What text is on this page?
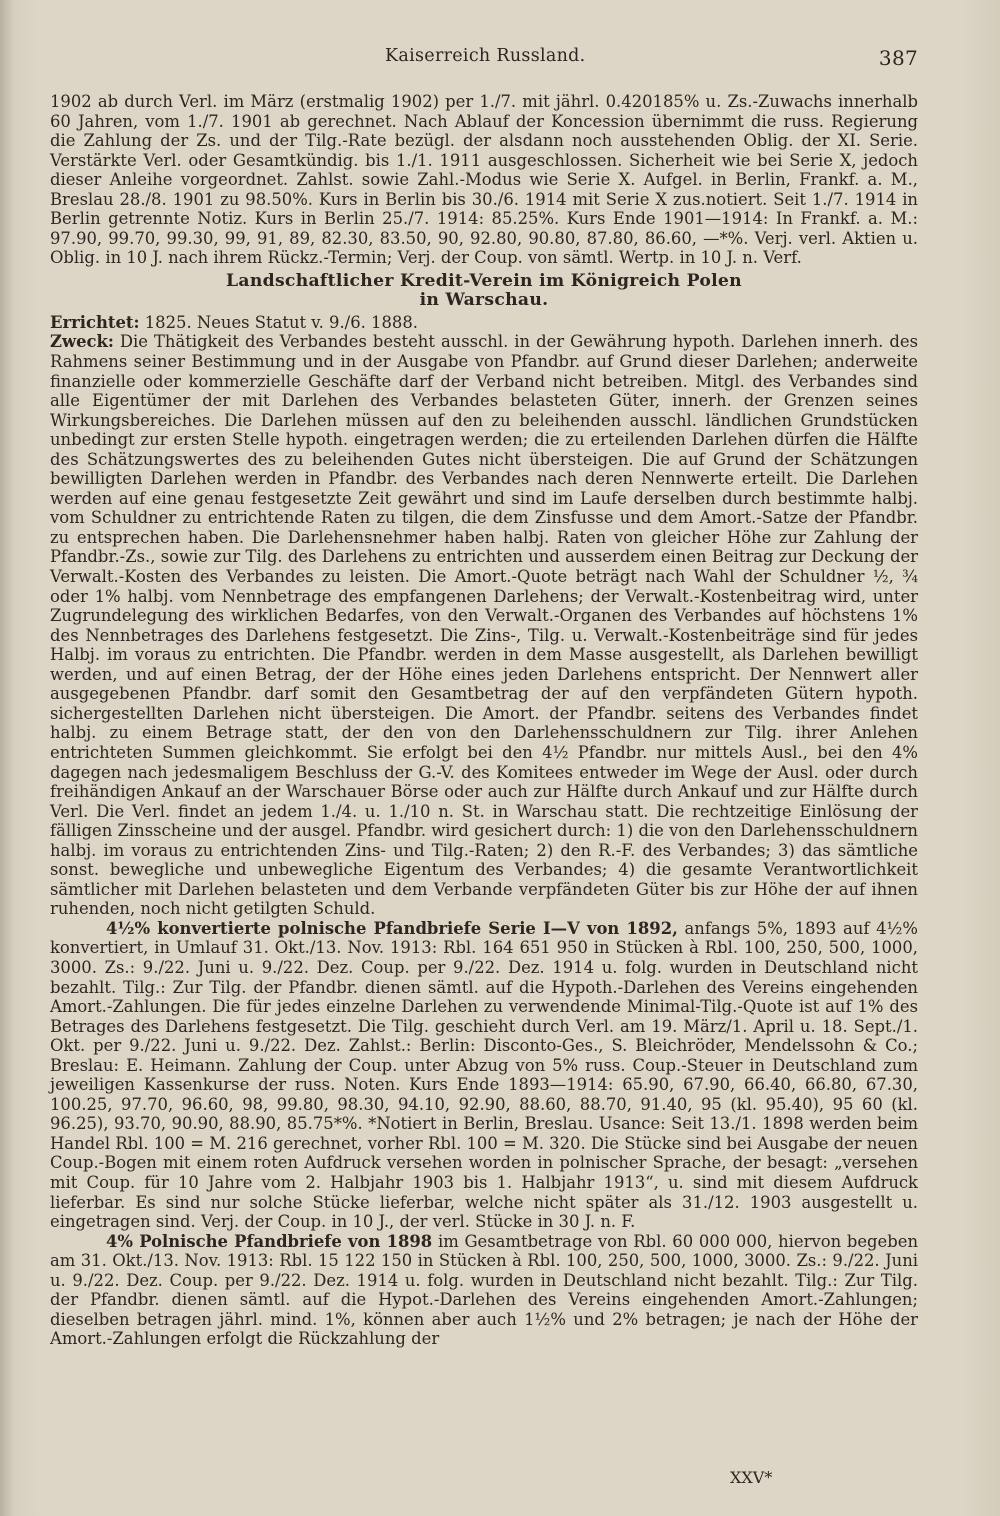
Kaiserreich Russland.	387

1902 ab durch Verl. im März (erstmalig 1902) per 1./7. mit jährl. 0.420185% u. Zs.-Zuwachs innerhalb 60 Jahren, vom 1./7. 1901 ab gerechnet. Nach Ablauf der Koncession übernimmt die russ. Regierung die Zahlung der Zs. und der Tilg.-Rate bezügl. der alsdann noch ausstehenden Oblig. der XI. Serie. Verstärkte Verl. oder Gesamtkündig. bis 1./1. 1911 ausgeschlossen. Sicherheit wie bei Serie X, jedoch dieser Anleihe vorgeordnet. Zahlst. sowie Zahl.-Modus wie Serie X. Aufgel. in Berlin, Frankf. a. M., Breslau 28./8. 1901 zu 98.50%. Kurs in Berlin bis 30./6. 1914 mit Serie X zus.notiert. Seit 1./7. 1914 in Berlin getrennte Notiz. Kurs in Berlin 25./7. 1914: 85.25%. Kurs Ende 1901—1914: In Frankf. a. M.: 97.90, 99.70, 99.30, 99, 91, 89, 82.30, 83.50, 90, 92.80, 90.80, 87.80, 86.60, —*%. Verj. verl. Aktien u. Oblig. in 10 J. nach ihrem Rückz.-Termin; Verj. der Coup. von sämtl. Wertp. in 10 J. n. Verf.

Landschaftlicher Kredit-Verein im Königreich Polen
in Warschau.

Errichtet: 1825. Neues Statut v. 9./6. 1888.

Zweck: Die Thätigkeit des Verbandes besteht ausschl. in der Gewährung hypoth. Darlehen innerh. des Rahmens seiner Bestimmung und in der Ausgabe von Pfandbr. auf Grund dieser Darlehen; anderweite finanzielle oder kommerzielle Geschäfte darf der Verband nicht betreiben. Mitgl. des Verbandes sind alle Eigentümer der mit Darlehen des Verbandes belasteten Güter, innerh. der Grenzen seines Wirkungsbereiches. Die Darlehen müssen auf den zu beleihenden ausschl. ländlichen Grundstücken unbedingt zur ersten Stelle hypoth. eingetragen werden; die zu erteilenden Darlehen dürfen die Hälfte des Schätzungswertes des zu beleihenden Gutes nicht übersteigen. Die auf Grund der Schätzungen bewilligten Darlehen werden in Pfandbr. des Verbandes nach deren Nennwerte erteilt. Die Darlehen werden auf eine genau festgesetzte Zeit gewährt und sind im Laufe derselben durch bestimmte halbj. vom Schuldner zu entrichtende Raten zu tilgen, die dem Zinsfusse und dem Amort.-Satze der Pfandbr. zu entsprechen haben. Die Darlehensnehmer haben halbj. Raten von gleicher Höhe zur Zahlung der Pfandbr.-Zs., sowie zur Tilg. des Darlehens zu entrichten und ausserdem einen Beitrag zur Deckung der Verwalt.-Kosten des Verbandes zu leisten. Die Amort.-Quote beträgt nach Wahl der Schuldner ½, ¾ oder 1% halbj. vom Nennbetrage des empfangenen Darlehens; der Verwalt.-Kostenbeitrag wird, unter Zugrundelegung des wirklichen Bedarfes, von den Verwalt.-Organen des Verbandes auf höchstens 1% des Nennbetrages des Darlehens festgesetzt. Die Zins-, Tilg. u. Verwalt.-Kostenbeiträge sind für jedes Halbj. im voraus zu entrichten. Die Pfandbr. werden in dem Masse ausgestellt, als Darlehen bewilligt werden, und auf einen Betrag, der der Höhe eines jeden Darlehens entspricht. Der Nennwert aller ausgegebenen Pfandbr. darf somit den Gesamtbetrag der auf den verpfändeten Gütern hypoth. sichergestellten Darlehen nicht übersteigen. Die Amort. der Pfandbr. seitens des Verbandes findet halbj. zu einem Betrage statt, der den von den Darlehensschuldnern zur Tilg. ihrer Anlehen entrichteten Summen gleichkommt. Sie erfolgt bei den 4½ Pfandbr. nur mittels Ausl., bei den 4% dagegen nach jedesmaligem Beschluss der G.-V. des Komitees entweder im Wege der Ausl. oder durch freihändigen Ankauf an der Warschauer Börse oder auch zur Hälfte durch Ankauf und zur Hälfte durch Verl. Die Verl. findet an jedem 1./4. u. 1./10 n. St. in Warschau statt. Die rechtzeitige Einlösung der fälligen Zinsscheine und der ausgel. Pfandbr. wird gesichert durch: 1) die von den Darlehensschuldnern halbj. im voraus zu entrichtenden Zins- und Tilg.-Raten; 2) den R.-F. des Verbandes; 3) das sämtliche sonst. bewegliche und unbewegliche Eigentum des Verbandes; 4) die gesamte Verantwortlichkeit sämtlicher mit Darlehen belasteten und dem Verbande verpfändeten Güter bis zur Höhe der auf ihnen ruhenden, noch nicht getilgten Schuld.

4½% konvertierte polnische Pfandbriefe Serie I—V von 1892, anfangs 5%, 1893 auf 4½% konvertiert, in Umlauf 31. Okt./13. Nov. 1913: Rbl. 164 651 950 in Stücken à Rbl. 100, 250, 500, 1000, 3000. Zs.: 9./22. Juni u. 9./22. Dez. Coup. per 9./22. Dez. 1914 u. folg. wurden in Deutschland nicht bezahlt. Tilg.: Zur Tilg. der Pfandbr. dienen sämtl. auf die Hypoth.-Darlehen des Vereins eingehenden Amort.-Zahlungen. Die für jedes einzelne Darlehen zu verwendende Minimal-Tilg.-Quote ist auf 1% des Betrages des Darlehens festgesetzt. Die Tilg. geschieht durch Verl. am 19. März/1. April u. 18. Sept./1. Okt. per 9./22. Juni u. 9./22. Dez. Zahlst.: Berlin: Disconto-Ges., S. Bleichröder, Mendelssohn & Co.; Breslau: E. Heimann. Zahlung der Coup. unter Abzug von 5% russ. Coup.-Steuer in Deutschland zum jeweiligen Kassenkurse der russ. Noten. Kurs Ende 1893—1914: 65.90, 67.90, 66.40, 66.80, 67.30, 100.25, 97.70, 96.60, 98, 99.80, 98.30, 94.10, 92.90, 88.60, 88.70, 91.40, 95 (kl. 95.40), 95 60 (kl. 96.25), 93.70, 90.90, 88.90, 85.75*%. *Notiert in Berlin, Breslau. Usance: Seit 13./1. 1898 werden beim Handel Rbl. 100 = M. 216 gerechnet, vorher Rbl. 100 = M. 320. Die Stücke sind bei Ausgabe der neuen Coup.-Bogen mit einem roten Aufdruck versehen worden in polnischer Sprache, der besagt: „versehen mit Coup. für 10 Jahre vom 2. Halbjahr 1903 bis 1. Halbjahr 1913“, u. sind mit diesem Aufdruck lieferbar. Es sind nur solche Stücke lieferbar, welche nicht später als 31./12. 1903 ausgestellt u. eingetragen sind. Verj. der Coup. in 10 J., der verl. Stücke in 30 J. n. F.

4% Polnische Pfandbriefe von 1898 im Gesamtbetrage von Rbl. 60 000 000, hiervon begeben am 31. Okt./13. Nov. 1913: Rbl. 15 122 150 in Stücken à Rbl. 100, 250, 500, 1000, 3000. Zs.: 9./22. Juni u. 9./22. Dez. Coup. per 9./22. Dez. 1914 u. folg. wurden in Deutschland nicht bezahlt. Tilg.: Zur Tilg. der Pfandbr. dienen sämtl. auf die Hypot.-Darlehen des Vereins eingehenden Amort.-Zahlungen; dieselben betragen jährl. mind. 1%, können aber auch 1½% und 2% betragen; je nach der Höhe der Amort.-Zahlungen erfolgt die Rückzahlung der

XXV*
